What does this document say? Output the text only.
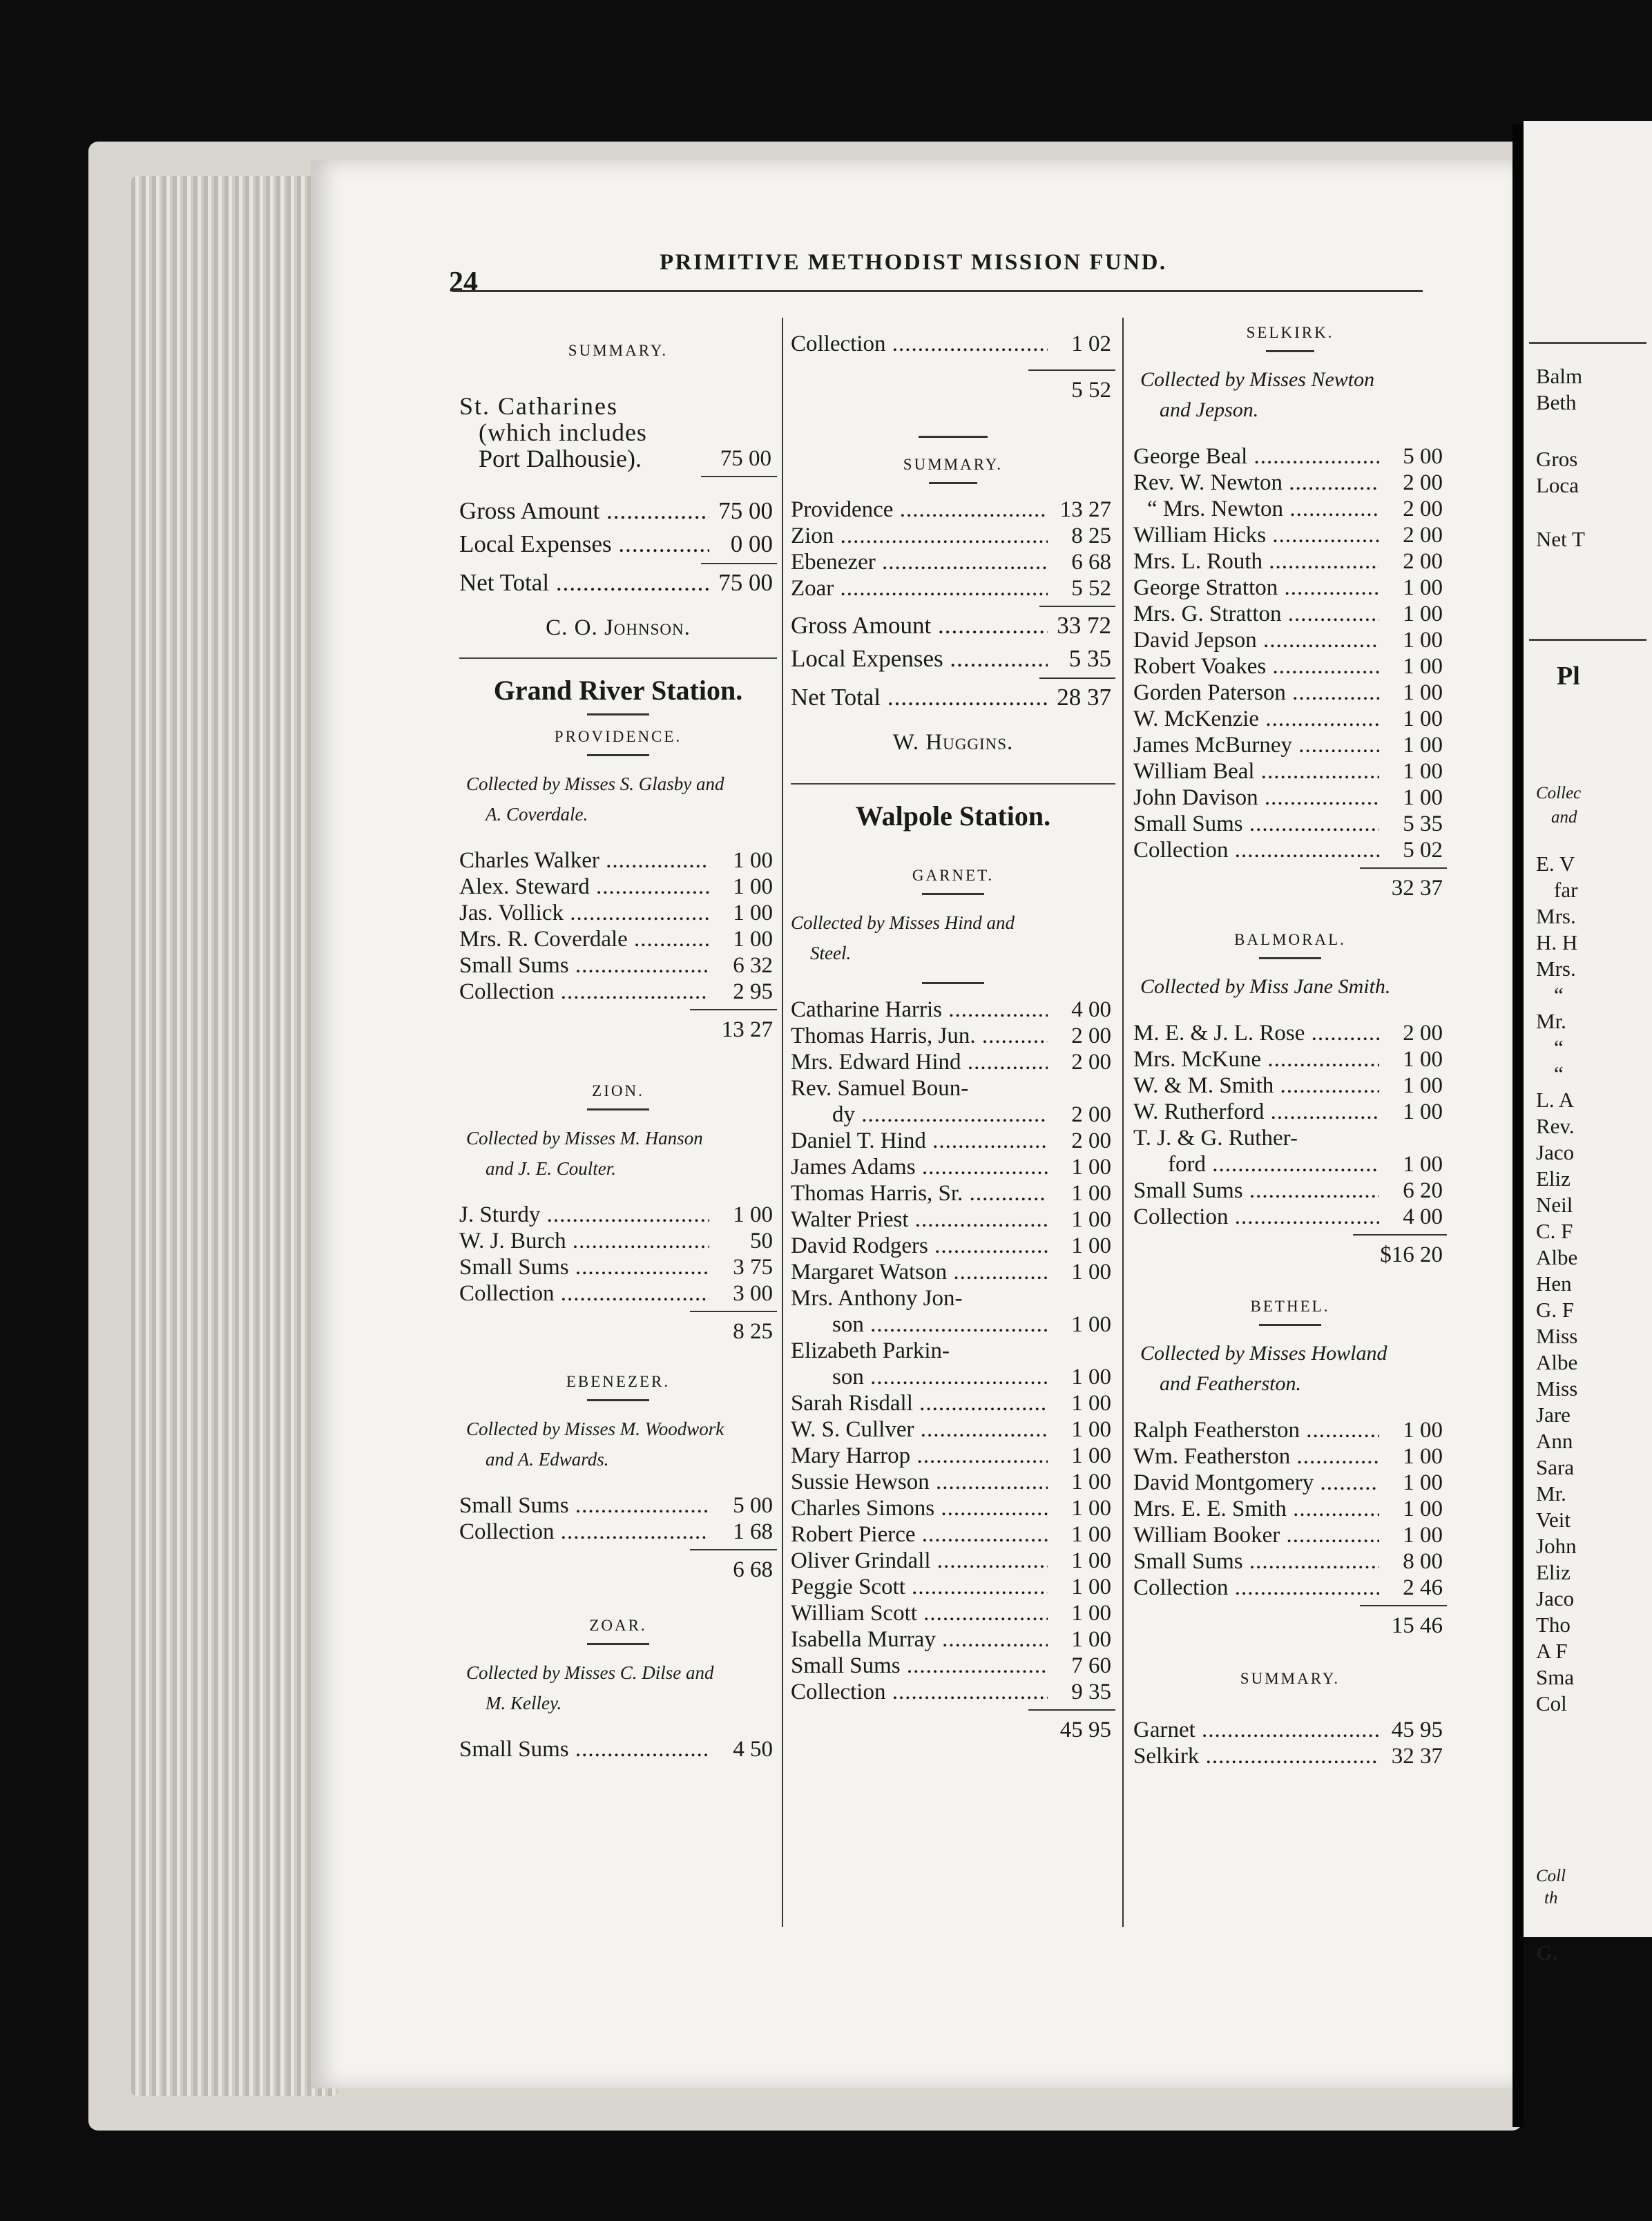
24
PRIMITIVE METHODIST MISSION FUND.
SUMMARY.
St. Catharines
(which includes
Port Dalhousie).	75 00
Gross Amount .....	75 00
Local Expenses .....	0 00
Net Total .....	75 00
C. O. Johnson.
Grand River Station.
PROVIDENCE.
Collected by Misses S. Glasby and
A. Coverdale.
Charles Walker .....	1 00
Alex. Steward .....	1 00
Jas. Vollick .....	1 00
Mrs. R. Coverdale .....	1 00
Small Sums .....	6 32
Collection .....	2 95
13 27
ZION.
Collected by Misses M. Hanson
and J. E. Coulter.
J. Sturdy .....	1 00
W. J. Burch .....	50
Small Sums .....	3 75
Collection .....	3 00
8 25
EBENEZER.
Collected by Misses M. Woodwork
and A. Edwards.
Small Sums .....	5 00
Collection .....	1 68
6 68
ZOAR.
Collected by Misses C. Dilse and
M. Kelley.
Small Sums .....	4 50
Collection .....	1 02
5 52
SUMMARY.
Providence .....	13 27
Zion .....	8 25
Ebenezer .....	6 68
Zoar .....	5 52
Gross Amount .....	33 72
Local Expenses .....	5 35
Net Total .....	28 37
W. Huggins.
Walpole Station.
GARNET.
Collected by Misses Hind and
Steel.
Catharine Harris .....	4 00
Thomas Harris, Jun. .....	2 00
Mrs. Edward Hind .....	2 00
Rev. Samuel Boun-
dy .....	2 00
Daniel T. Hind .....	2 00
James Adams .....	1 00
Thomas Harris, Sr. .....	1 00
Walter Priest .....	1 00
David Rodgers .....	1 00
Margaret Watson .....	1 00
Mrs. Anthony Jon-
son .....	1 00
Elizabeth Parkin-
son .....	1 00
Sarah Risdall .....	1 00
W. S. Cullver .....	1 00
Mary Harrop .....	1 00
Sussie Hewson .....	1 00
Charles Simons .....	1 00
Robert Pierce .....	1 00
Oliver Grindall .....	1 00
Peggie Scott .....	1 00
William Scott .....	1 00
Isabella Murray .....	1 00
Small Sums .....	7 60
Collection .....	9 35
45 95
SELKIRK.
Collected by Misses Newton
and Jepson.
George Beal .....	5 00
Rev. W. Newton .....	2 00
“ Mrs. Newton .....	2 00
William Hicks .....	2 00
Mrs. L. Routh .....	2 00
George Stratton .....	1 00
Mrs. G. Stratton .....	1 00
David Jepson .....	1 00
Robert Voakes .....	1 00
Gorden Paterson .....	1 00
W. McKenzie .....	1 00
James McBurney .....	1 00
William Beal .....	1 00
John Davison .....	1 00
Small Sums .....	5 35
Collection .....	5 02
32 37
BALMORAL.
Collected by Miss Jane Smith.
M. E. & J. L. Rose .....	2 00
Mrs. McKune .....	1 00
W. & M. Smith .....	1 00
W. Rutherford .....	1 00
T. J. & G. Ruther-
ford .....	1 00
Small Sums .....	6 20
Collection .....	4 00
$16 20
BETHEL.
Collected by Misses Howland
and Featherston.
Ralph Featherston .....	1 00
Wm. Featherston .....	1 00
David Montgomery .....	1 00
Mrs. E. E. Smith .....	1 00
William Booker .....	1 00
Small Sums .....	8 00
Collection .....	2 46
15 46
SUMMARY.
Garnet .....	45 95
Selkirk .....	32 37
Balm
Beth
Gros
Loca
Net T
Pl
Collec
and
E. V
far
Mrs.
H. H
Mrs.
“
Mr.
“
“
L. A
Rev.
Jaco
Eliz
Neil
C. F
Albe
Hen
G. F
Miss
Albe
Miss
Jare
Ann
Sara
Mr.
Veit
John
Eliz
Jaco
Tho
A F
Sma
Col
Coll
th
G.
